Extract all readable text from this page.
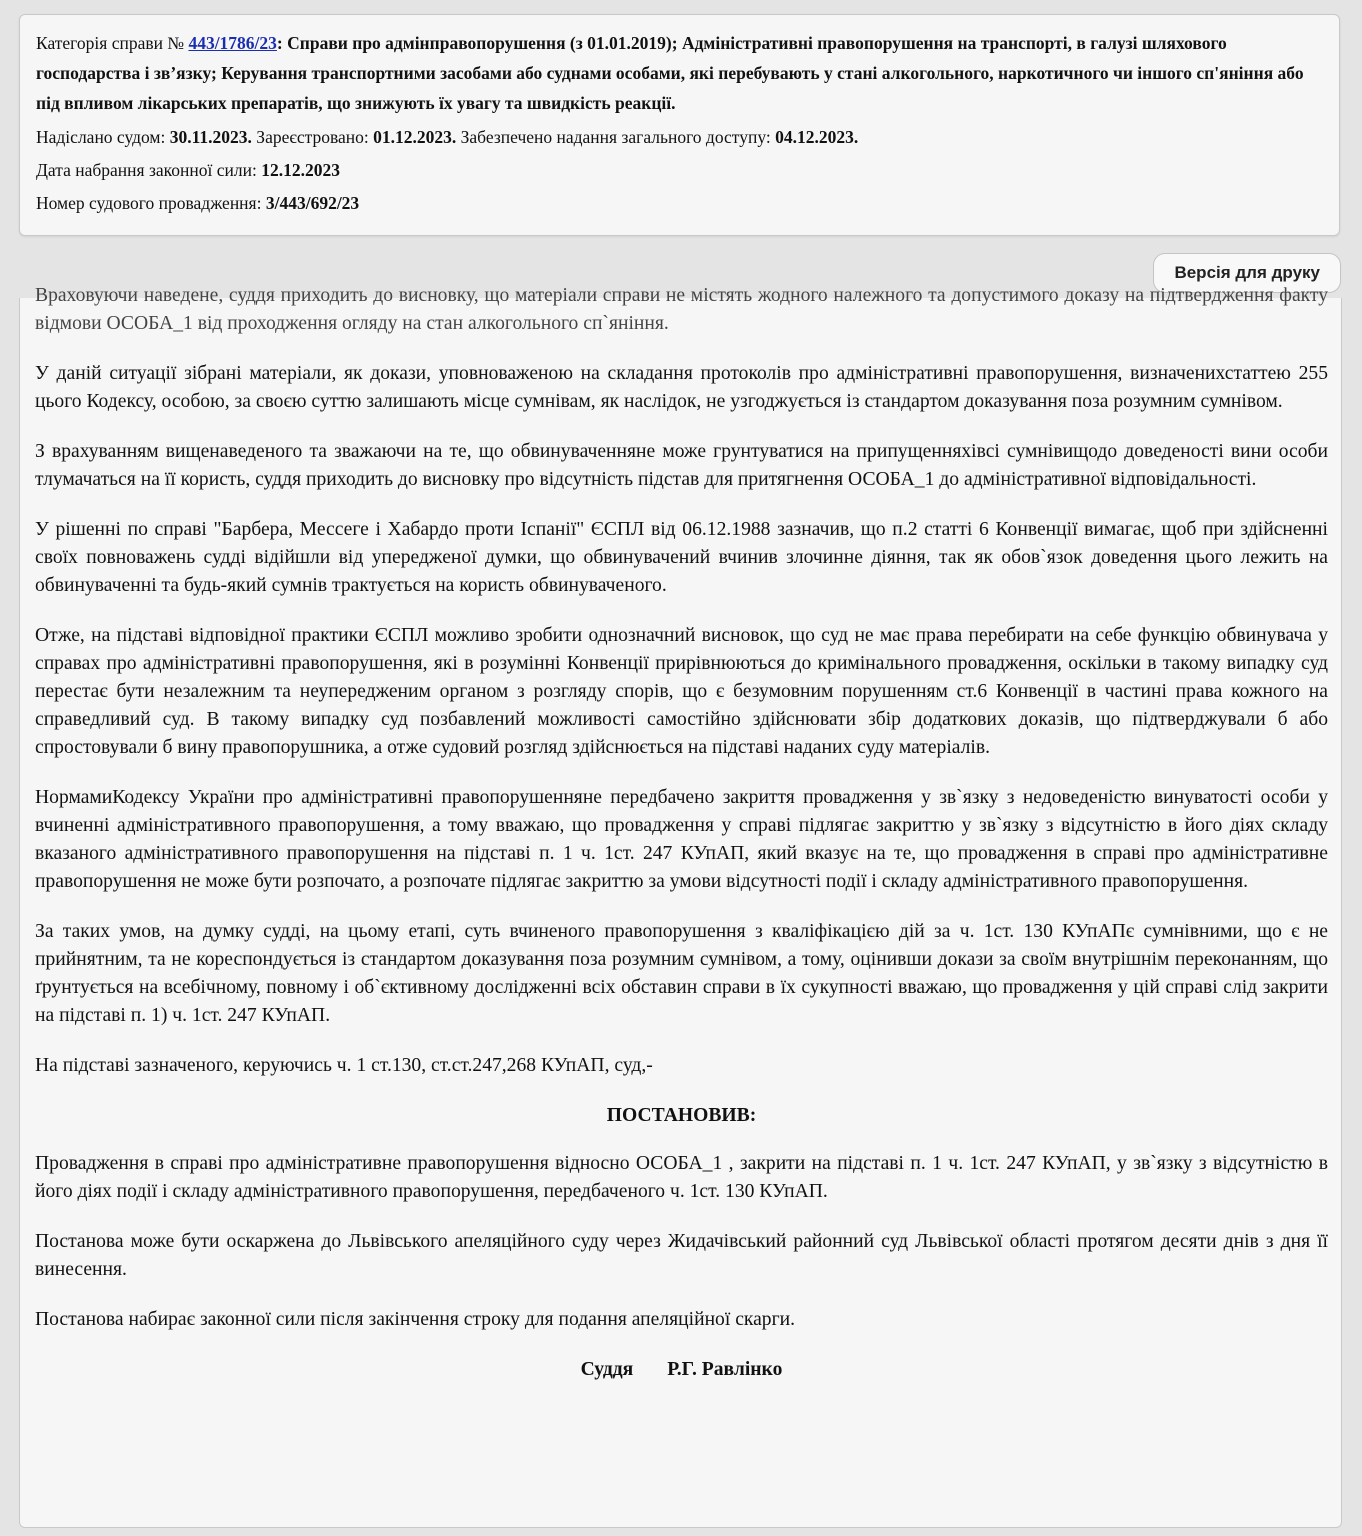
Категорія справи № 443/1786/23: Справи про адмінправопорушення (з 01.01.2019); Адміністративні правопорушення на транспорті, в галузі шляхового господарства і зв’язку; Керування транспортними засобами або суднами особами, які перебувають у стані алкогольного, наркотичного чи іншого сп'яніння або під впливом лікарських препаратів, що знижують їх увагу та швидкість реакції.

Надіслано судом: 30.11.2023. Зареєстровано: 01.12.2023. Забезпечено надання загального доступу: 04.12.2023.

Дата набрання законної сили: 12.12.2023

Номер судового провадження: 3/443/692/23

Версія для друку

Враховуючи наведене, суддя приходить до висновку, що матеріали справи не містять жодного належного та допустимого доказу на підтвердження факту відмови ОСОБА_1 від проходження огляду на стан алкогольного сп`яніння.

У даній ситуації зібрані матеріали, як докази, уповноваженою на складання протоколів про адміністративні правопорушення, визначенихстаттею 255 цього Кодексу, особою, за своєю суттю залишають місце сумнівам, як наслідок, не узгоджується із стандартом доказування поза розумним сумнівом.

З врахуванням вищенаведеного та зважаючи на те, що обвинуваченняне може грунтуватися на припущенняхівсі сумнівищодо доведеності вини особи тлумачаться на її користь, суддя приходить до висновку про відсутність підстав для притягнення ОСОБА_1 до адміністративної відповідальності.

У рішенні по справі "Барбера, Мессеге і Хабардо проти Іспанії" ЄСПЛ від 06.12.1988 зазначив, що п.2 статті 6 Конвенції вимагає, щоб при здійсненні своїх повноважень судді відійшли від упередженої думки, що обвинувачений вчинив злочинне діяння, так як обов`язок доведення цього лежить на обвинуваченні та будь-який сумнів трактується на користь обвинуваченого.

Отже, на підставі відповідної практики ЄСПЛ можливо зробити однозначний висновок, що суд не має права перебирати на себе функцію обвинувача у справах про адміністративні правопорушення, які в розумінні Конвенції прирівнюються до кримінального провадження, оскільки в такому випадку суд перестає бути незалежним та неупередженим органом з розгляду спорів, що є безумовним порушенням ст.6 Конвенції в частині права кожного на справедливий суд. В такому випадку суд позбавлений можливості самостійно здійснювати збір додаткових доказів, що підтверджували б або спростовували б вину правопорушника, а отже судовий розгляд здійснюється на підставі наданих суду матеріалів.

НормамиКодексу України про адміністративні правопорушенняне передбачено закриття провадження у зв`язку з недоведеністю винуватості особи у вчиненні адміністративного правопорушення, а тому вважаю, що провадження у справі підлягає закриттю у зв`язку з відсутністю в його діях складу вказаного адміністративного правопорушення на підставі п. 1 ч. 1ст. 247 КУпАП, який вказує на те, що провадження в справі про адміністративне правопорушення не може бути розпочато, а розпочате підлягає закриттю за умови відсутності події і складу адміністративного правопорушення.

За таких умов, на думку судді, на цьому етапі, суть вчиненого правопорушення з кваліфікацією дій за ч. 1ст. 130 КУпАПє сумнівними, що є не прийнятним, та не кореспондується із стандартом доказування поза розумним сумнівом, а тому, оцінивши докази за своїм внутрішнім переконанням, що ґрунтується на всебічному, повному і об`єктивному дослідженні всіх обставин справи в їх сукупності вважаю, що провадження у цій справі слід закрити на підставі п. 1) ч. 1ст. 247 КУпАП.

На підставі зазначеного, керуючись ч. 1 ст.130, ст.ст.247,268 КУпАП, суд,-

ПОСТАНОВИВ:

Провадження в справі про адміністративне правопорушення відносно ОСОБА_1 , закрити на підставі п. 1 ч. 1ст. 247 КУпАП, у зв`язку з відсутністю в його діях події і складу адміністративного правопорушення, передбаченого ч. 1ст. 130 КУпАП.

Постанова може бути оскаржена до Львівського апеляційного суду через Жидачівський районний суд Львівської області протягом десяти днів з дня її винесення.

Постанова набирає законної сили після закінчення строку для подання апеляційної скарги.

Суддя Р.Г. Равлінко
